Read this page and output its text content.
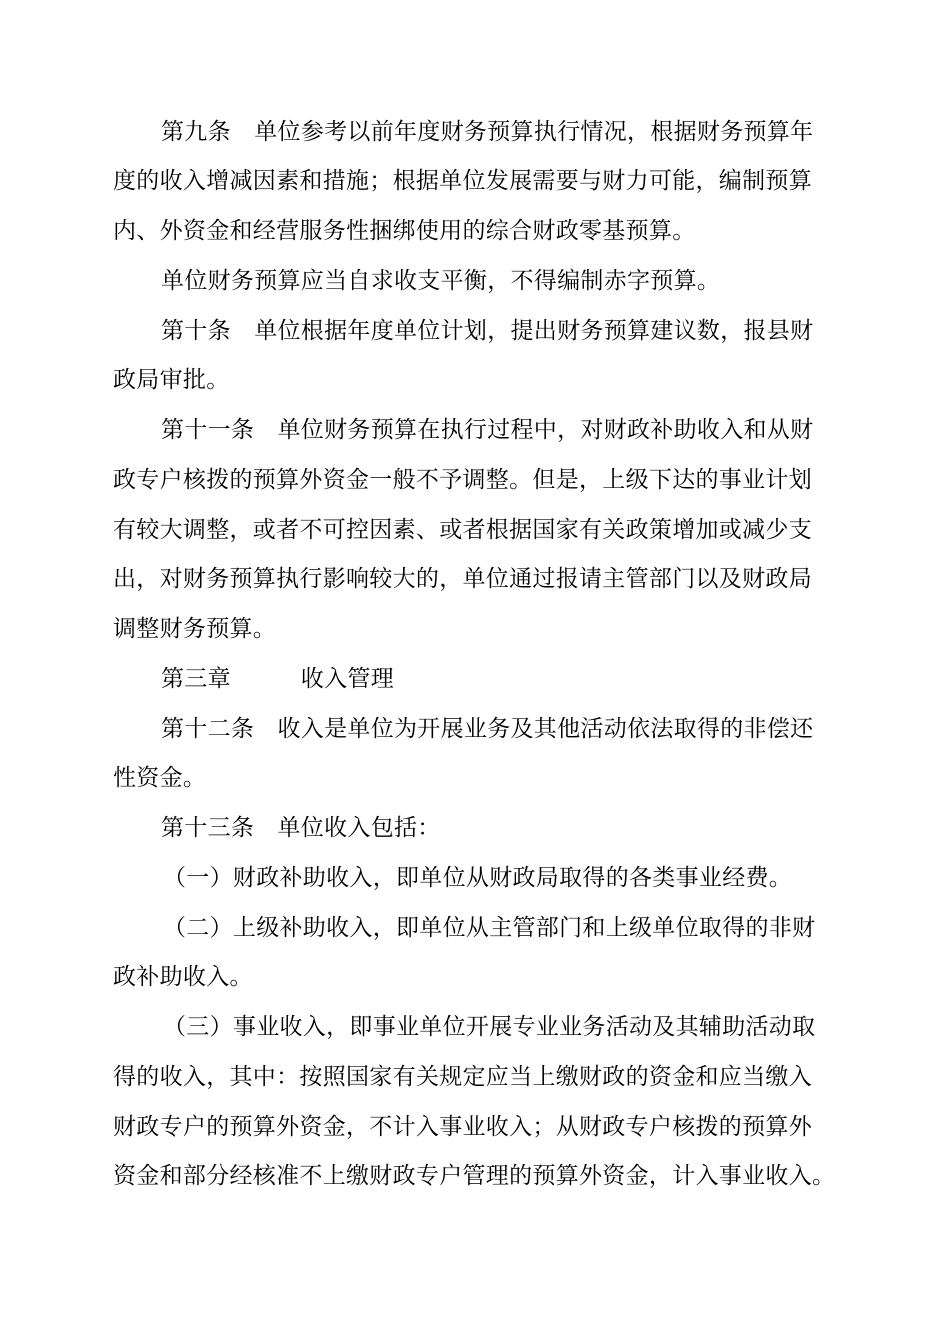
第九条　单位参考以前年度财务预算执行情况，根据财务预算年
度的收入增减因素和措施；根据单位发展需要与财力可能，编制预算
内、外资金和经营服务性捆绑使用的综合财政零基预算。
单位财务预算应当自求收支平衡，不得编制赤字预算。
第十条　单位根据年度单位计划，提出财务预算建议数，报县财
政局审批。
第十一条　单位财务预算在执行过程中，对财政补助收入和从财
政专户核拨的预算外资金一般不予调整。但是，上级下达的事业计划
有较大调整，或者不可控因素、或者根据国家有关政策增加或减少支
出，对财务预算执行影响较大的，单位通过报请主管部门以及财政局
调整财务预算。
第三章　　　收入管理
第十二条　收入是单位为开展业务及其他活动依法取得的非偿还
性资金。
第十三条　单位收入包括：
（一）财政补助收入，即单位从财政局取得的各类事业经费。
（二）上级补助收入，即单位从主管部门和上级单位取得的非财
政补助收入。
（三）事业收入，即事业单位开展专业业务活动及其辅助活动取
得的收入，其中：按照国家有关规定应当上缴财政的资金和应当缴入
财政专户的预算外资金，不计入事业收入；从财政专户核拨的预算外
资金和部分经核准不上缴财政专户管理的预算外资金，计入事业收入。
